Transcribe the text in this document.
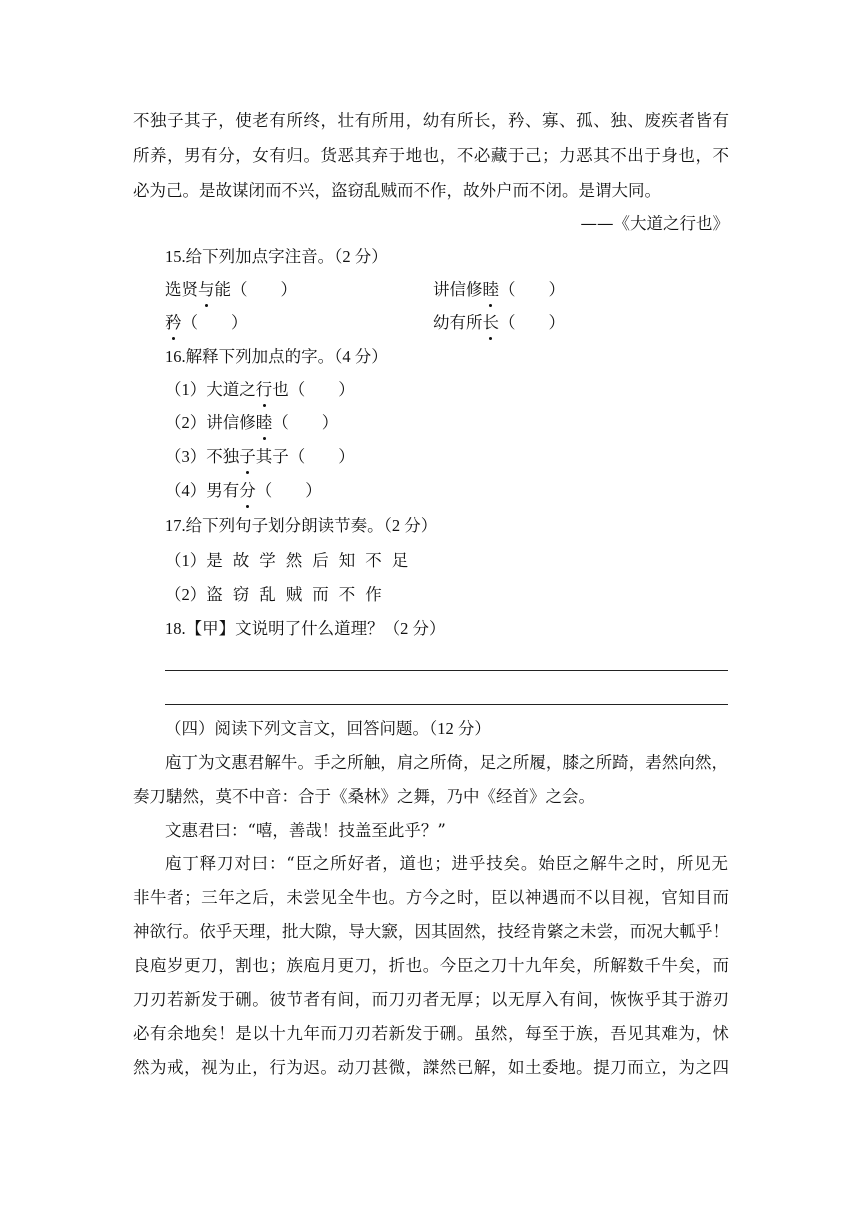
不独子其子，使老有所终，壮有所用，幼有所长，矜、寡、孤、独、废疾者皆有
所养，男有分，女有归。货恶其弃于地也，不必藏于己；力恶其不出于身也，不
必为己。是故谋闭而不兴，盗窃乱贼而不作，故外户而不闭。是谓大同。
——《大道之行也》
15.给下列加点字注音。（2 分）
选贤与能（　　）	讲信修睦（　　）
矜（　　）	幼有所长（　　）
16.解释下列加点的字。（4 分）
（1）大道之行也（　　）
（2）讲信修睦（　　）
（3）不独子其子（　　）
（4）男有分（　　）
17.给下列句子划分朗读节奏。（2 分）
（1）是故学然后知不足
（2）盗窃乱贼而不作
18.【甲】文说明了什么道理？（2 分）
（四）阅读下列文言文，回答问题。（12 分）
庖丁为文惠君解牛。手之所触，肩之所倚，足之所履，膝之所踦，砉然向然，
奏刀騞然，莫不中音：合于《桑林》之舞，乃中《经首》之会。
文惠君曰：“嘻，善哉！技盖至此乎？”
庖丁释刀对曰：“臣之所好者，道也；进乎技矣。始臣之解牛之时，所见无
非牛者；三年之后，未尝见全牛也。方今之时，臣以神遇而不以目视，官知目而
神欲行。依乎天理，批大隙，导大窾，因其固然，技经肯綮之未尝，而况大軱乎！
良庖岁更刀，割也；族庖月更刀，折也。今臣之刀十九年矣，所解数千牛矣，而
刀刃若新发于硎。彼节者有间，而刀刃者无厚；以无厚入有间，恢恢乎其于游刃
必有余地矣！是以十九年而刀刃若新发于硎。虽然，每至于族，吾见其难为，怵
然为戒，视为止，行为迟。动刀甚微，謋然已解，如土委地。提刀而立，为之四
